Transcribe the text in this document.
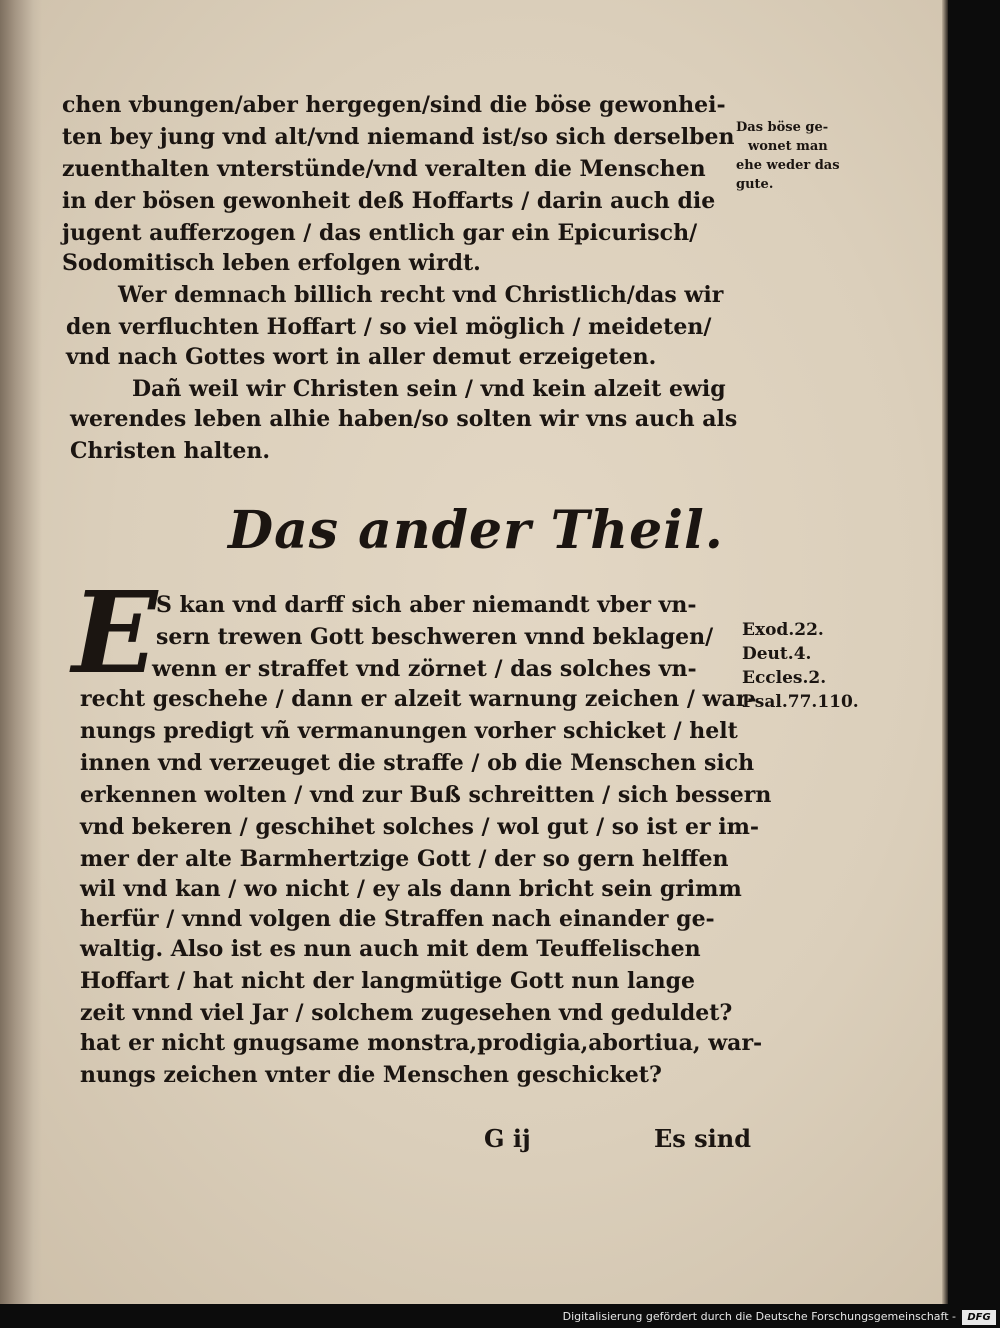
chen vbungen/aber hergegen/sind die böse gewonhei-
ten bey jung vnd alt/vnd niemand ist/so sich derselben
zuenthalten vnterstünde/vnd veralten die Menschen
in der bösen gewonheit deß Hoffarts / darin auch die
jugent aufferzogen / das entlich gar ein Epicurisch/
Sodomitisch leben erfolgen wirdt.
Wer demnach billich recht vnd Christlich/das wir
den verfluchten Hoffart / so viel möglich / meideten/
vnd nach Gottes wort in aller demut erzeigeten.
Dañ weil wir Christen sein / vnd kein alzeit ewig
werendes leben alhie haben/so solten wir vns auch als
Christen halten.
Das böse ge-
wonet man
ehe weder das
gute.
Das ander Theil.
E
S kan vnd darff sich aber niemandt vber vn-
sern trewen Gott beschweren vnnd beklagen/
wenn er straffet vnd zörnet / das solches vn-
recht geschehe / dann er alzeit warnung zeichen / war-
nungs predigt vñ vermanungen vorher schicket / helt
innen vnd verzeuget die straffe / ob die Menschen sich
erkennen wolten / vnd zur Buß schreitten / sich bessern
vnd bekeren / geschihet solches / wol gut / so ist er im-
mer der alte Barmhertzige Gott / der so gern helffen
wil vnd kan / wo nicht / ey als dann bricht sein grimm
herfür / vnnd volgen die Straffen nach einander ge-
waltig. Also ist es nun auch mit dem Teuffelischen
Hoffart / hat nicht der langmütige Gott nun lange
zeit vnnd viel Jar / solchem zugesehen vnd geduldet?
hat er nicht gnugsame monstra,prodigia,abortiua, war-
nungs zeichen vnter die Menschen geschicket?
Exod.22.
Deut.4.
Eccles.2.
Psal.77.110.
G ij	Es sind
Digitalisierung gefördert durch die Deutsche Forschungsgemeinschaft -	DFG
